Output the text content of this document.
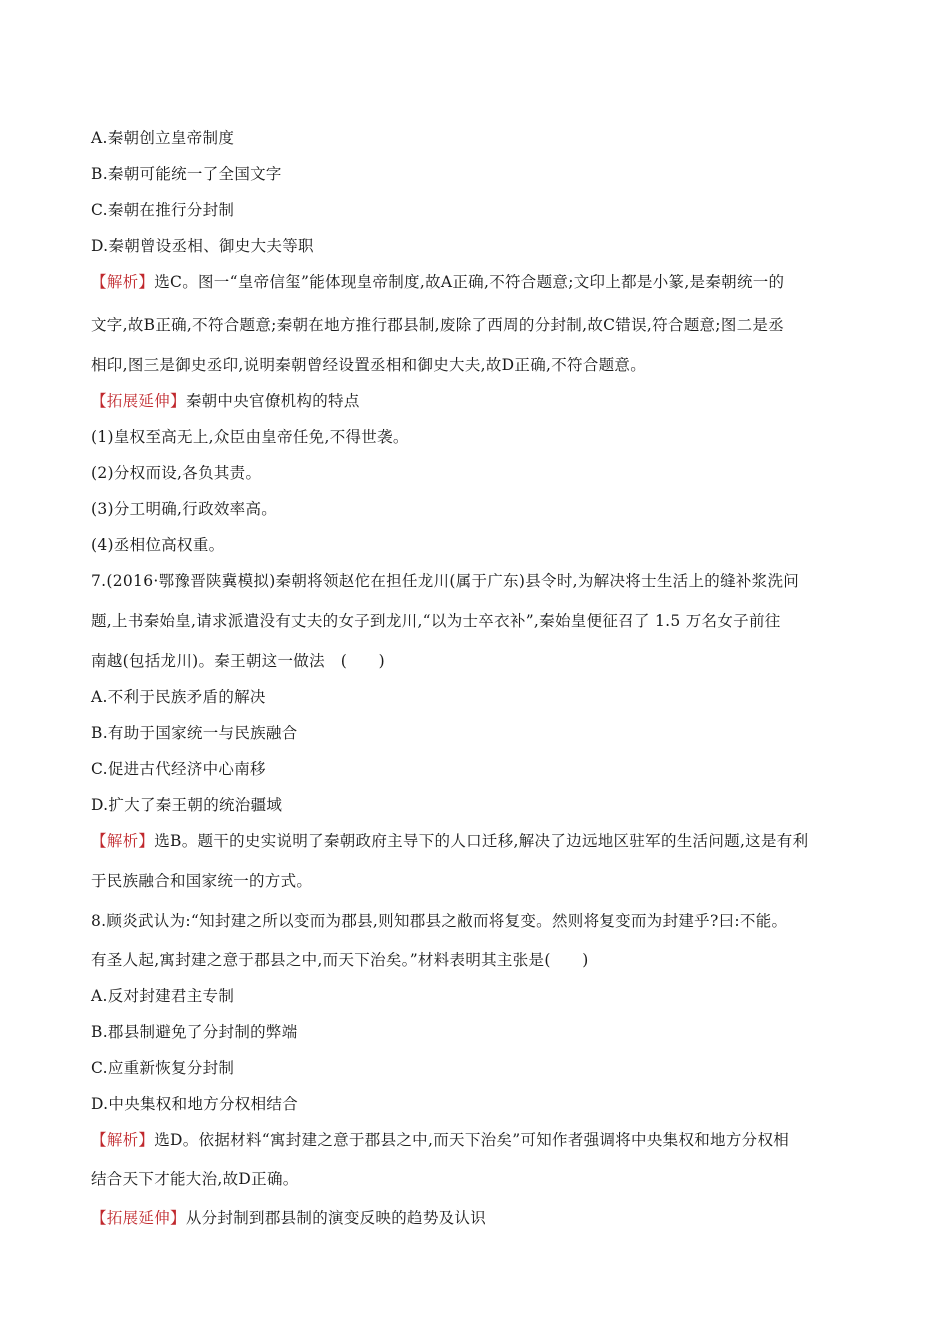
A.秦朝创立皇帝制度
B.秦朝可能统一了全国文字
C.秦朝在推行分封制
D.秦朝曾设丞相、御史大夫等职
【解析】选C。图一“皇帝信玺”能体现皇帝制度,故A正确,不符合题意;文印上都是小篆,是秦朝统一的
文字,故B正确,不符合题意;秦朝在地方推行郡县制,废除了西周的分封制,故C错误,符合题意;图二是丞
相印,图三是御史丞印,说明秦朝曾经设置丞相和御史大夫,故D正确,不符合题意。
【拓展延伸】秦朝中央官僚机构的特点
(1)皇权至高无上,众臣由皇帝任免,不得世袭。
(2)分权而设,各负其责。
(3)分工明确,行政效率高。
(4)丞相位高权重。
7.(2016·鄂豫晋陕冀模拟)秦朝将领赵佗在担任龙川(属于广东)县令时,为解决将士生活上的缝补浆洗问
题,上书秦始皇,请求派遣没有丈夫的女子到龙川,“以为士卒衣补”,秦始皇便征召了 1.5 万名女子前往
南越(包括龙川)。秦王朝这一做法　(　　)
A.不利于民族矛盾的解决
B.有助于国家统一与民族融合
C.促进古代经济中心南移
D.扩大了秦王朝的统治疆域
【解析】选B。题干的史实说明了秦朝政府主导下的人口迁移,解决了边远地区驻军的生活问题,这是有利
于民族融合和国家统一的方式。
8.顾炎武认为:“知封建之所以变而为郡县,则知郡县之敝而将复变。然则将复变而为封建乎?曰:不能。
有圣人起,寓封建之意于郡县之中,而天下治矣。”材料表明其主张是(　　)
A.反对封建君主专制
B.郡县制避免了分封制的弊端
C.应重新恢复分封制
D.中央集权和地方分权相结合
【解析】选D。依据材料“寓封建之意于郡县之中,而天下治矣”可知作者强调将中央集权和地方分权相
结合天下才能大治,故D正确。
【拓展延伸】从分封制到郡县制的演变反映的趋势及认识
